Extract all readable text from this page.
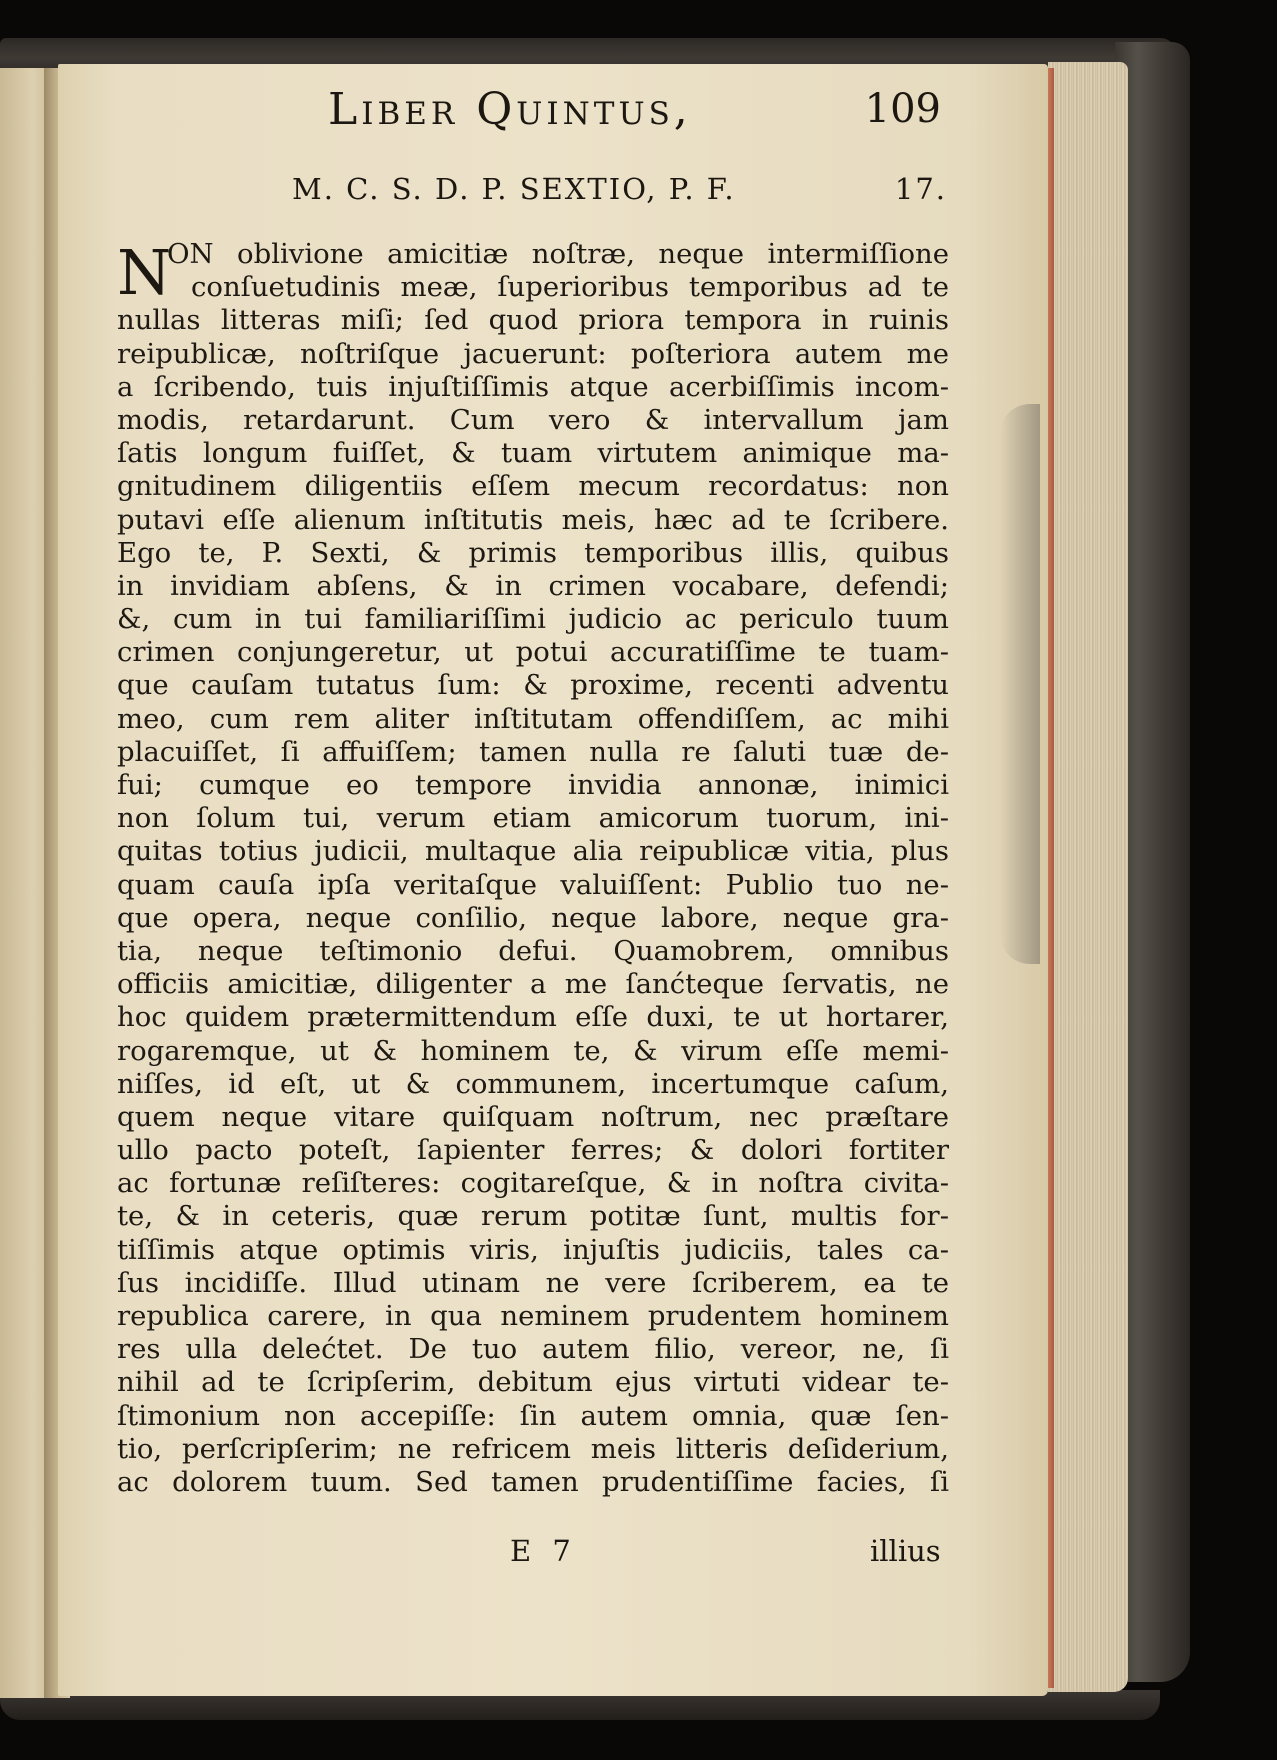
Liber Quintus,	109
M. C. S. D. P. SEXTIO, P. F.	17.
N
ON oblivione amicitiæ noſtræ, neque intermiſſione
conſuetudinis meæ, ſuperioribus temporibus ad te
nullas litteras miſi; ſed quod priora tempora in ruinis
reipublicæ, noſtriſque jacuerunt: poſteriora autem me
a ſcribendo, tuis injuſtiſſimis atque acerbiſſimis incom-
modis, retardarunt. Cum vero & intervallum jam
ſatis longum fuiſſet, & tuam virtutem animique ma-
gnitudinem diligentiis eſſem mecum recordatus: non
putavi eſſe alienum inſtitutis meis, hæc ad te ſcribere.
Ego te, P. Sexti, & primis temporibus illis, quibus
in invidiam abſens, & in crimen vocabare, defendi;
&, cum in tui familiariſſimi judicio ac periculo tuum
crimen conjungeretur, ut potui accuratiſſime te tuam-
que cauſam tutatus ſum: & proxime, recenti adventu
meo, cum rem aliter inſtitutam offendiſſem, ac mihi
placuiſſet, ſi affuiſſem; tamen nulla re ſaluti tuæ de-
fui; cumque eo tempore invidia annonæ, inimici
non ſolum tui, verum etiam amicorum tuorum, ini-
quitas totius judicii, multaque alia reipublicæ vitia, plus
quam cauſa ipſa veritaſque valuiſſent: Publio tuo ne-
que opera, neque conſilio, neque labore, neque gra-
tia, neque teſtimonio defui. Quamobrem, omnibus
officiis amicitiæ, diligenter a me ſanćteque ſervatis, ne
hoc quidem prætermittendum eſſe duxi, te ut hortarer,
rogaremque, ut & hominem te, & virum eſſe memi-
niſſes, id eſt, ut & communem, incertumque caſum,
quem neque vitare quiſquam noſtrum, nec præſtare
ullo pacto poteſt, ſapienter ferres; & dolori fortiter
ac fortunæ reſiſteres: cogitareſque, & in noſtra civita-
te, & in ceteris, quæ rerum potitæ ſunt, multis for-
tiſſimis atque optimis viris, injuſtis judiciis, tales ca-
ſus incidiſſe. Illud utinam ne vere ſcriberem, ea te
republica carere, in qua neminem prudentem hominem
res ulla delećtet. De tuo autem filio, vereor, ne, ſi
nihil ad te ſcripſerim, debitum ejus virtuti videar te-
ſtimonium non accepiſſe: ſin autem omnia, quæ ſen-
tio, perſcripſerim; ne refricem meis litteris deſiderium,
ac dolorem tuum. Sed tamen prudentiſſime facies, ſi
E 7	illius
